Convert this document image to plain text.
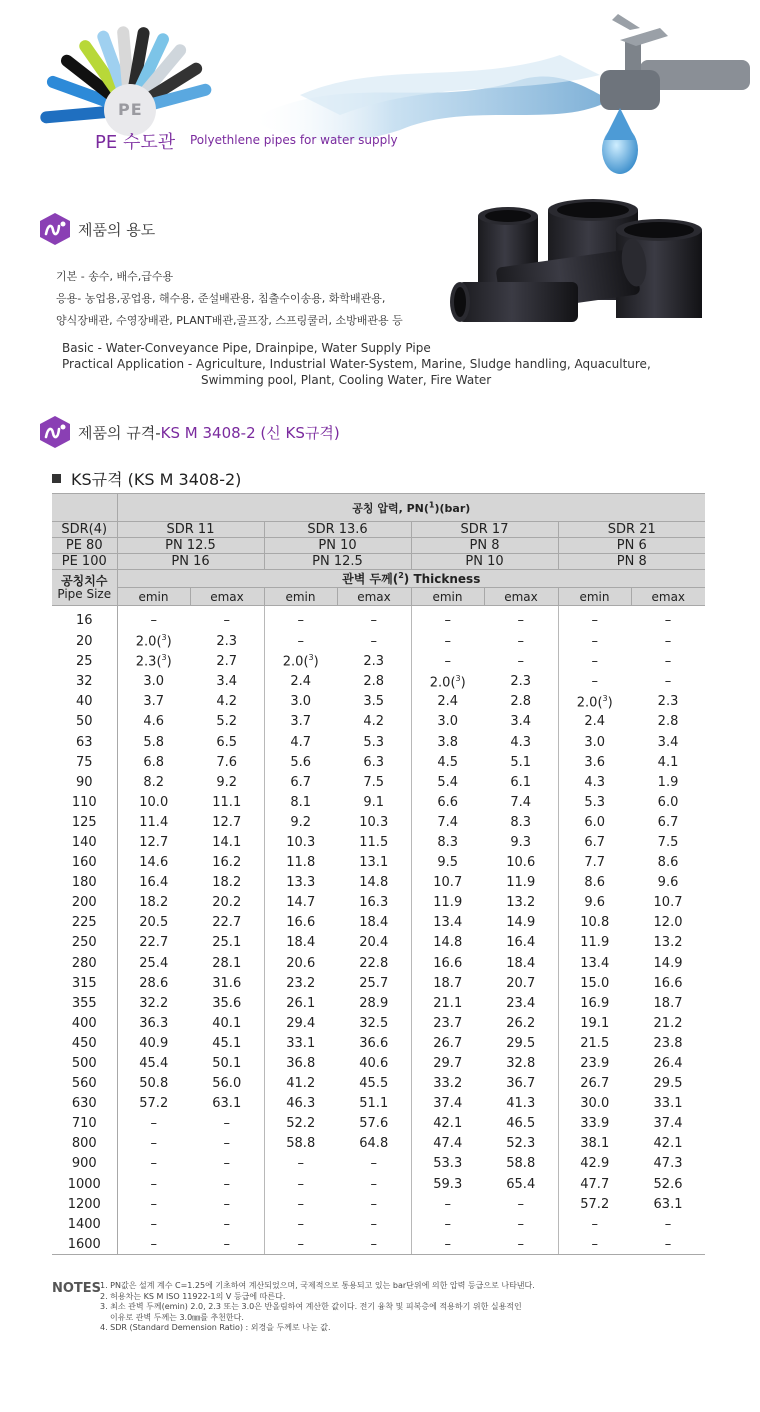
PE
PE 수도관 Polyethlene pipes for water supply
제품의 용도
기본 - 송수, 배수,급수용
응용- 농업용,공업용, 해수용, 준설배관용, 침출수이송용, 화학배관용,
양식장배관, 수영장배관, PLANT배관,골프장, 스프링쿨러, 소방배관용 등
Basic - Water-Conveyance Pipe, Drainpipe, Water Supply Pipe
Practical Application - Agriculture, Industrial Water-System, Marine, Sludge handling, Aquaculture,
Swimming pool, Plant, Cooling Water, Fire Water
제품의 규격-KS M 3408-2 (신 KS규격)
KS규격 (KS M 3408-2)
	공칭 압력, PN($^1$)(bar)							
SDR(4)	SDR 11		SDR 13.6		SDR 17		SDR 21	
PE 80	PN 12.5		PN 10		PN 8		PN 6	
PE 100	PN 16		PN 12.5		PN 10		PN 8	

공칭치수
Pipe Size	관벽 두께($^2$) Thickness							
	emin	emax	emin	emax	emin	emax	emin	emax
16	–	–	–	–	–	–	–	–
20	2.0($^3$)	2.3	–	–	–	–	–	–
25	2.3($^3$)	2.7	2.0($^3$)	2.3	–	–	–	–
32	3.0	3.4	2.4	2.8	2.0($^3$)	2.3	–	–
40	3.7	4.2	3.0	3.5	2.4	2.8	2.0($^3$)	2.3
50	4.6	5.2	3.7	4.2	3.0	3.4	2.4	2.8
63	5.8	6.5	4.7	5.3	3.8	4.3	3.0	3.4
75	6.8	7.6	5.6	6.3	4.5	5.1	3.6	4.1
90	8.2	9.2	6.7	7.5	5.4	6.1	4.3	1.9
110	10.0	11.1	8.1	9.1	6.6	7.4	5.3	6.0
125	11.4	12.7	9.2	10.3	7.4	8.3	6.0	6.7
140	12.7	14.1	10.3	11.5	8.3	9.3	6.7	7.5
160	14.6	16.2	11.8	13.1	9.5	10.6	7.7	8.6
180	16.4	18.2	13.3	14.8	10.7	11.9	8.6	9.6
200	18.2	20.2	14.7	16.3	11.9	13.2	9.6	10.7
225	20.5	22.7	16.6	18.4	13.4	14.9	10.8	12.0
250	22.7	25.1	18.4	20.4	14.8	16.4	11.9	13.2
280	25.4	28.1	20.6	22.8	16.6	18.4	13.4	14.9
315	28.6	31.6	23.2	25.7	18.7	20.7	15.0	16.6
355	32.2	35.6	26.1	28.9	21.1	23.4	16.9	18.7
400	36.3	40.1	29.4	32.5	23.7	26.2	19.1	21.2
450	40.9	45.1	33.1	36.6	26.7	29.5	21.5	23.8
500	45.4	50.1	36.8	40.6	29.7	32.8	23.9	26.4
560	50.8	56.0	41.2	45.5	33.2	36.7	26.7	29.5
630	57.2	63.1	46.3	51.1	37.4	41.3	30.0	33.1
710	–	–	52.2	57.6	42.1	46.5	33.9	37.4
800	–	–	58.8	64.8	47.4	52.3	38.1	42.1
900	–	–	–	–	53.3	58.8	42.9	47.3
1000	–	–	–	–	59.3	65.4	47.7	52.6
1200	–	–	–	–	–	–	57.2	63.1
1400	–	–	–	–	–	–	–	–
1600	–	–	–	–	–	–	–	–
NOTES
1. PN값은 설계 계수 C=1.25에 기초하여 계산되었으며, 국제적으로 통용되고 있는 bar단위에 의한 압력 등급으로 나타낸다.
2. 허용차는 KS M ISO 11922-1의 V 등급에 따른다.
3. 최소 관벽 두께(emin) 2.0, 2.3 또는 3.0은 반올림하여 계산한 값이다. 전기 융착 및 피복층에 적용하기 위한 실용적인
이유로 관벽 두께는 3.0㎜를 추천한다.
4. SDR (Standard Demension Ratio) : 외경을 두께로 나눈 값.
